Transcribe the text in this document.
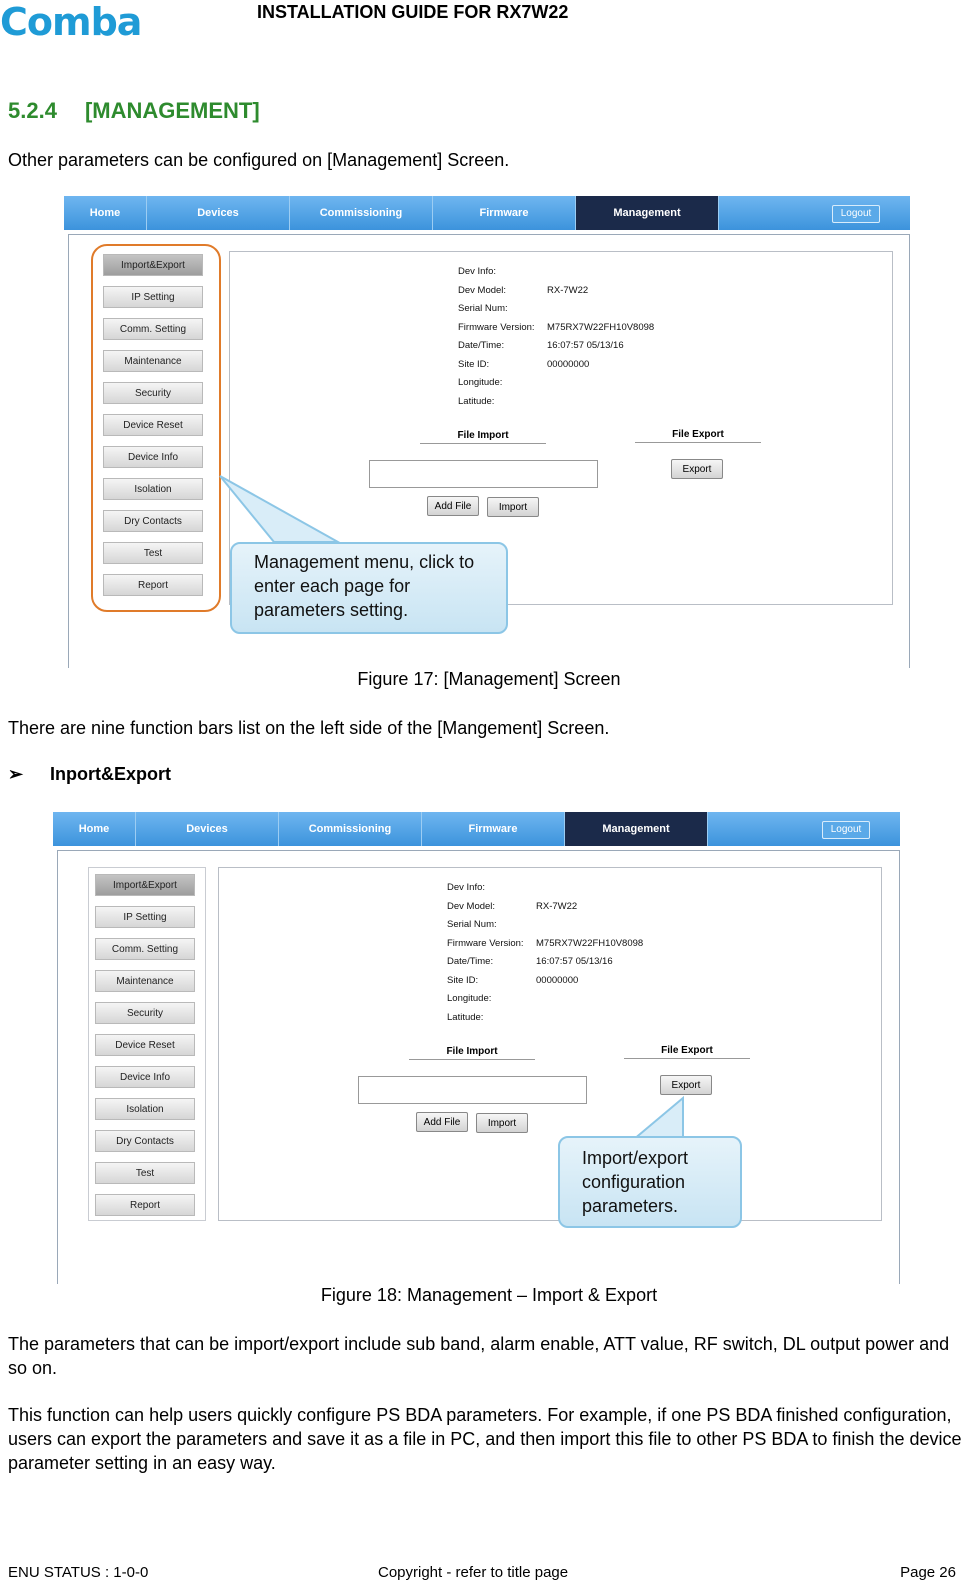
Comba	INSTALLATION GUIDE FOR RX7W22
5.2.4 [MANAGEMENT]
Other parameters can be configured on [Management] Screen.
Home	Devices	Commissioning	Firmware	Management	Logout
Import&Export
IP Setting
Comm. Setting
Maintenance
Security
Device Reset
Device Info
Isolation
Dry Contacts
Test
Report
Dev Info:
Dev Model:	RX-7W22
Serial Num:
Firmware Version:	M75RX7W22FH10V8098
Date/Time:	16:07:57 05/13/16
Site ID:	00000000
Longitude:
Latitude:
File Import	File Export
Export
Add File	Import
Management menu, click to enter each page for parameters setting.
Figure 17: [Management] Screen
There are nine function bars list on the left side of the [Mangement] Screen.
➢ Inport&Export
Home	Devices	Commissioning	Firmware	Management	Logout
Import&Export
IP Setting
Comm. Setting
Maintenance
Security
Device Reset
Device Info
Isolation
Dry Contacts
Test
Report
Dev Info:
Dev Model:	RX-7W22
Serial Num:
Firmware Version:	M75RX7W22FH10V8098
Date/Time:	16:07:57 05/13/16
Site ID:	00000000
Longitude:
Latitude:
File Import	File Export
Export
Add File	Import
Import/export configuration parameters.
Figure 18: Management – Import & Export
The parameters that can be import/export include sub band, alarm enable, ATT value, RF switch, DL output power and so on.
This function can help users quickly configure PS BDA parameters. For example, if one PS BDA finished configuration, users can export the parameters and save it as a file in PC, and then import this file to other PS BDA to finish the device parameter setting in an easy way.
ENU STATUS : 1-0-0	Copyright - refer to title page	Page 26
